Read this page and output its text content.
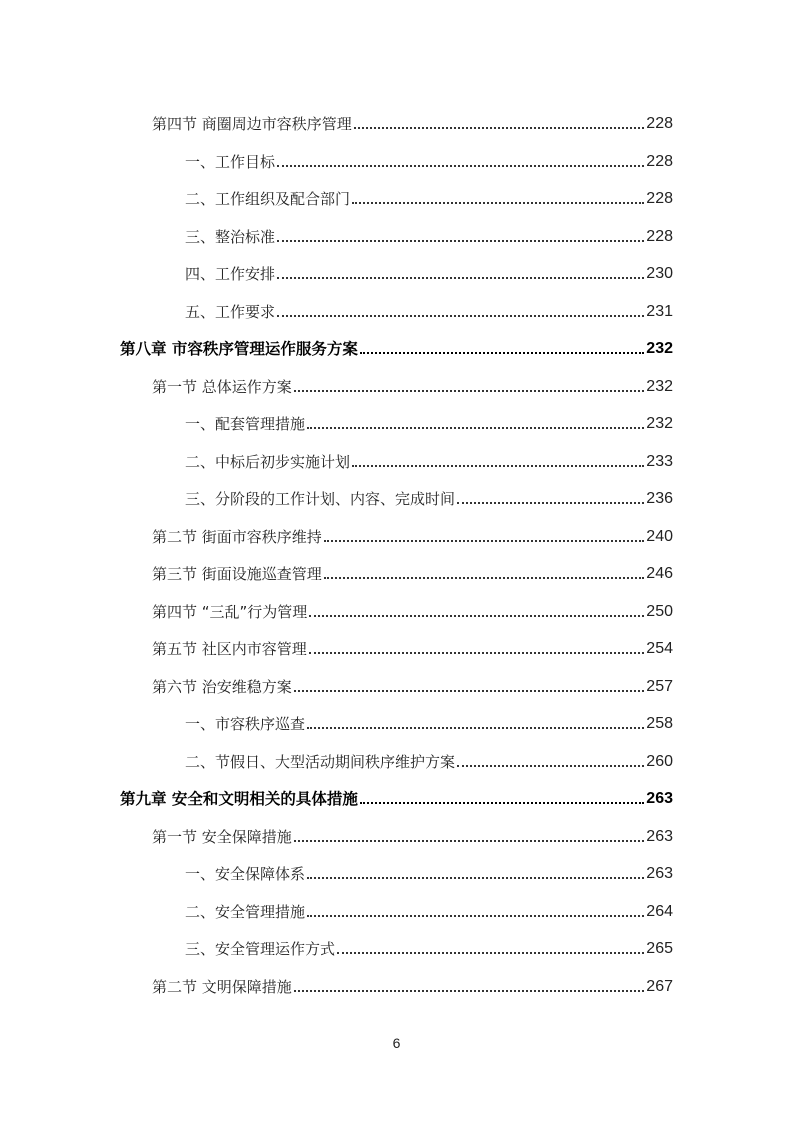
第四节 商圈周边市容秩序管理	228
一、工作目标	228
二、工作组织及配合部门	228
三、整治标准	228
四、工作安排	230
五、工作要求	231
第八章 市容秩序管理运作服务方案	232
第一节 总体运作方案	232
一、配套管理措施	232
二、中标后初步实施计划	233
三、分阶段的工作计划、内容、完成时间	236
第二节 街面市容秩序维持	240
第三节 街面设施巡查管理	246
第四节 “三乱”行为管理	250
第五节 社区内市容管理	254
第六节 治安维稳方案	257
一、市容秩序巡查	258
二、节假日、大型活动期间秩序维护方案	260
第九章 安全和文明相关的具体措施	263
第一节 安全保障措施	263
一、安全保障体系	263
二、安全管理措施	264
三、安全管理运作方式	265
第二节 文明保障措施	267
6
